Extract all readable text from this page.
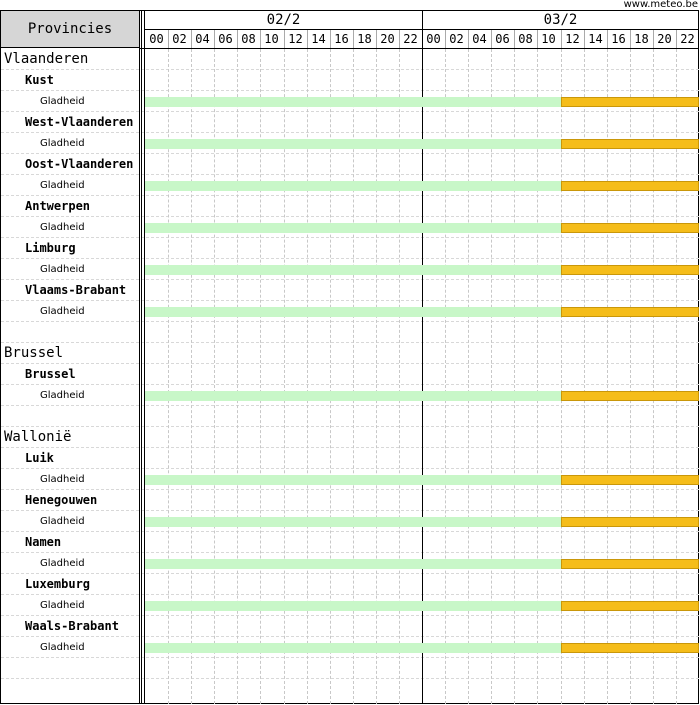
www.meteo.be
Provincies
02/2	03/2
00 02 04 06 08 10 12 14 16 18 20 22 00 02 04 06 08 10 12 14 16 18 20 22
Vlaanderen
Kust
Gladheid
West-Vlaanderen
Gladheid
Oost-Vlaanderen
Gladheid
Antwerpen
Gladheid
Limburg
Gladheid
Vlaams-Brabant
Gladheid
Brussel
Brussel
Gladheid
Wallonië
Luik
Gladheid
Henegouwen
Gladheid
Namen
Gladheid
Luxemburg
Gladheid
Waals-Brabant
Gladheid
